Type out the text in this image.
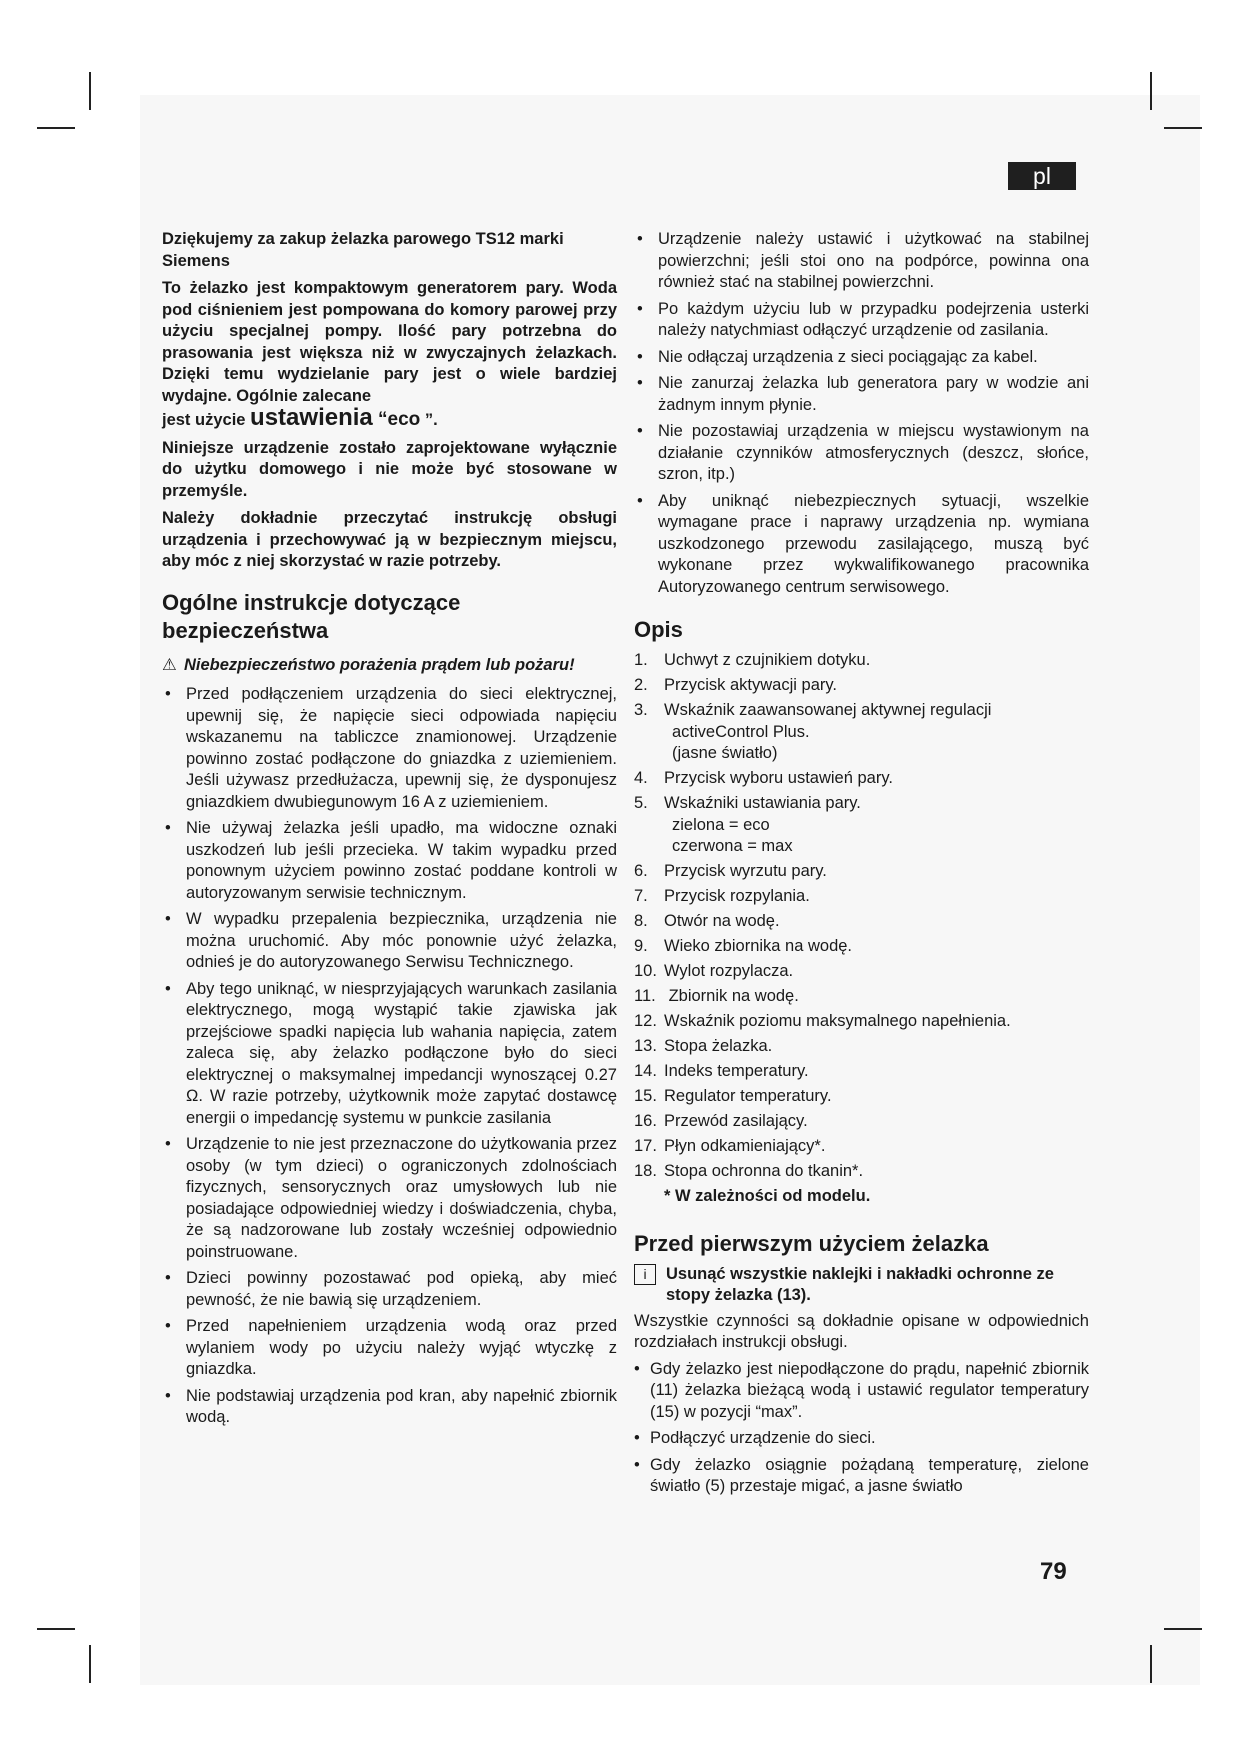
pl

Dziękujemy za zakup żelazka parowego TS12 marki Siemens

To żelazko jest kompaktowym generatorem pary. Woda pod ciśnieniem jest pompowana do komory parowej przy użyciu specjalnej pompy. Ilość pary potrzebna do prasowania jest większa niż w zwyczajnych żelazkach. Dzięki temu wydzielanie pary jest o wiele bardziej wydajne. Ogólnie zalecane

jest użycie ustawienia “eco ”.

Niniejsze urządzenie zostało zaprojektowane wyłącznie do użytku domowego i nie może być stosowane w przemyśle.

Należy dokładnie przeczytać instrukcję obsługi urządzenia i przechowywać ją w bezpiecznym miejscu, aby móc z niej skorzystać w razie potrzeby.

Ogólne instrukcje dotyczące bezpieczeństwa
⚠ Niebezpieczeństwo porażenia prądem lub pożaru!
• Przed podłączeniem urządzenia do sieci elektrycznej, upewnij się, że napięcie sieci odpowiada napięciu wskazanemu na tabliczce znamionowej. Urządzenie powinno zostać podłączone do gniazdka z uziemieniem. Jeśli używasz przedłużacza, upewnij się, że dysponujesz gniazdkiem dwubiegunowym 16 A z uziemieniem.
• Nie używaj żelazka jeśli upadło, ma widoczne oznaki uszkodzeń lub jeśli przecieka. W takim wypadku przed ponownym użyciem powinno zostać poddane kontroli w autoryzowanym serwisie technicznym.
• W wypadku przepalenia bezpiecznika, urządzenia nie można uruchomić. Aby móc ponownie użyć żelazka, odnieś je do autoryzowanego Serwisu Technicznego.
• Aby tego uniknąć, w niesprzyjających warunkach zasilania elektrycznego, mogą wystąpić takie zjawiska jak przejściowe spadki napięcia lub wahania napięcia, zatem zaleca się, aby żelazko podłączone było do sieci elektrycznej o maksymalnej impedancji wynoszącej 0.27 Ω. W razie potrzeby, użytkownik może zapytać dostawcę energii o impedancję systemu w punkcie zasilania
• Urządzenie to nie jest przeznaczone do użytkowania przez osoby (w tym dzieci) o ograniczonych zdolnościach fizycznych, sensorycznych oraz umysłowych lub nie posiadające odpowiedniej wiedzy i doświadczenia, chyba, że są nadzorowane lub zostały wcześniej odpowiednio poinstruowane.
• Dzieci powinny pozostawać pod opieką, aby mieć pewność, że nie bawią się urządzeniem.
• Przed napełnieniem urządzenia wodą oraz przed wylaniem wody po użyciu należy wyjąć wtyczkę z gniazdka.
• Nie podstawiaj urządzenia pod kran, aby napełnić zbiornik wodą.
• Urządzenie należy ustawić i użytkować na stabilnej powierzchni; jeśli stoi ono na podpórce, powinna ona również stać na stabilnej powierzchni.
• Po każdym użyciu lub w przypadku podejrzenia usterki należy natychmiast odłączyć urządzenie od zasilania.
• Nie odłączaj urządzenia z sieci pociągając za kabel.
• Nie zanurzaj żelazka lub generatora pary w wodzie ani żadnym innym płynie.
• Nie pozostawiaj urządzenia w miejscu wystawionym na działanie czynników atmosferycznych (deszcz, słońce, szron, itp.)
• Aby uniknąć niebezpiecznych sytuacji, wszelkie wymagane prace i naprawy urządzenia np. wymiana uszkodzonego przewodu zasilającego, muszą być wykonane przez wykwalifikowanego pracownika Autoryzowanego centrum serwisowego.
Opis
1. Uchwyt z czujnikiem dotyku.
2. Przycisk aktywacji pary.
3. Wskaźnik zaawansowanej aktywnej regulacji
activeControl Plus.
(jasne światło)
4. Przycisk wyboru ustawień pary.
5. Wskaźniki ustawiania pary.
zielona = eco
czerwona = max
6. Przycisk wyrzutu pary.
7. Przycisk rozpylania.
8. Otwór na wodę.
9. Wieko zbiornika na wodę.
10. Wylot rozpylacza.
11. Zbiornik na wodę.
12. Wskaźnik poziomu maksymalnego napełnienia.
13. Stopa żelazka.
14. Indeks temperatury.
15. Regulator temperatury.
16. Przewód zasilający.
17. Płyn odkamieniający*.
18. Stopa ochronna do tkanin*.

* W zależności od modelu.

Przed pierwszym użyciem żelazka
i	Usunąć wszystkie naklejki i nakładki ochronne ze stopy żelazka (13).

Wszystkie czynności są dokładnie opisane w odpowiednich rozdziałach instrukcji obsługi.

• Gdy żelazko jest niepodłączone do prądu, napełnić zbiornik (11) żelazka bieżącą wodą i ustawić regulator temperatury (15) w pozycji “max”.
• Podłączyć urządzenie do sieci.
• Gdy żelazko osiągnie pożądaną temperaturę, zielone światło (5) przestaje migać, a jasne światło
79
